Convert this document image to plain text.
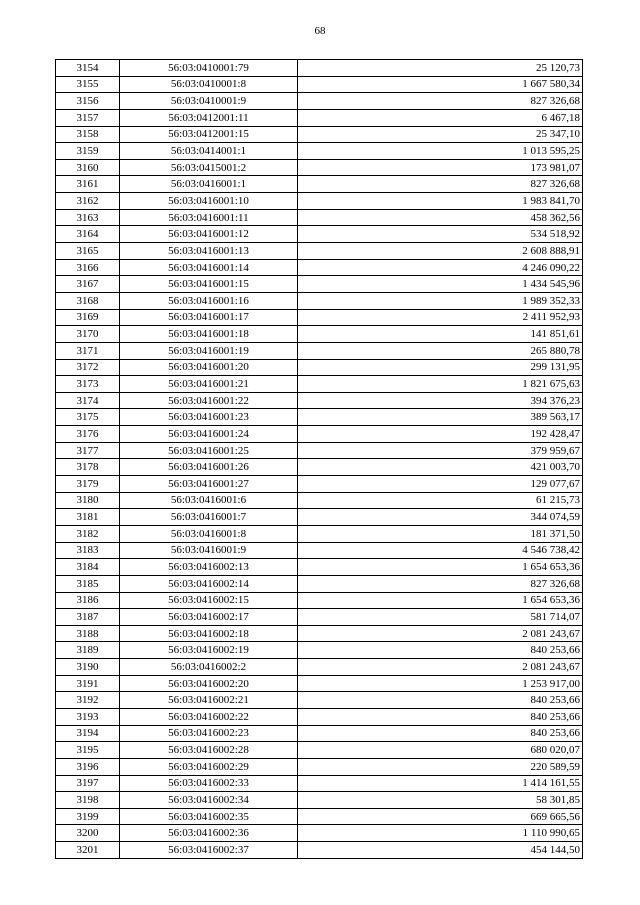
68
3154	56:03:0410001:79	25 120,73
3155	56:03:0410001:8	1 667 580,34
3156	56:03:0410001:9	827 326,68
3157	56:03:0412001:11	6 467,18
3158	56:03:0412001:15	25 347,10
3159	56:03:0414001:1	1 013 595,25
3160	56:03:0415001:2	173 981,07
3161	56:03:0416001:1	827 326,68
3162	56:03:0416001:10	1 983 841,70
3163	56:03:0416001:11	458 362,56
3164	56:03:0416001:12	534 518,92
3165	56:03:0416001:13	2 608 888,91
3166	56:03:0416001:14	4 246 090,22
3167	56:03:0416001:15	1 434 545,96
3168	56:03:0416001:16	1 989 352,33
3169	56:03:0416001:17	2 411 952,93
3170	56:03:0416001:18	141 851,61
3171	56:03:0416001:19	265 880,78
3172	56:03:0416001:20	299 131,95
3173	56:03:0416001:21	1 821 675,63
3174	56:03:0416001:22	394 376,23
3175	56:03:0416001:23	389 563,17
3176	56:03:0416001:24	192 428,47
3177	56:03:0416001:25	379 959,67
3178	56:03:0416001:26	421 003,70
3179	56:03:0416001:27	129 077,67
3180	56:03:0416001:6	61 215,73
3181	56:03:0416001:7	344 074,59
3182	56:03:0416001:8	181 371,50
3183	56:03:0416001:9	4 546 738,42
3184	56:03:0416002:13	1 654 653,36
3185	56:03:0416002:14	827 326,68
3186	56:03:0416002:15	1 654 653,36
3187	56:03:0416002:17	581 714,07
3188	56:03:0416002:18	2 081 243,67
3189	56:03:0416002:19	840 253,66
3190	56:03:0416002:2	2 081 243,67
3191	56:03:0416002:20	1 253 917,00
3192	56:03:0416002:21	840 253,66
3193	56:03:0416002:22	840 253,66
3194	56:03:0416002:23	840 253,66
3195	56:03:0416002:28	680 020,07
3196	56:03:0416002:29	220 589,59
3197	56:03:0416002:33	1 414 161,55
3198	56:03:0416002:34	58 301,85
3199	56:03:0416002:35	669 665,56
3200	56:03:0416002:36	1 110 990,65
3201	56:03:0416002:37	454 144,50
